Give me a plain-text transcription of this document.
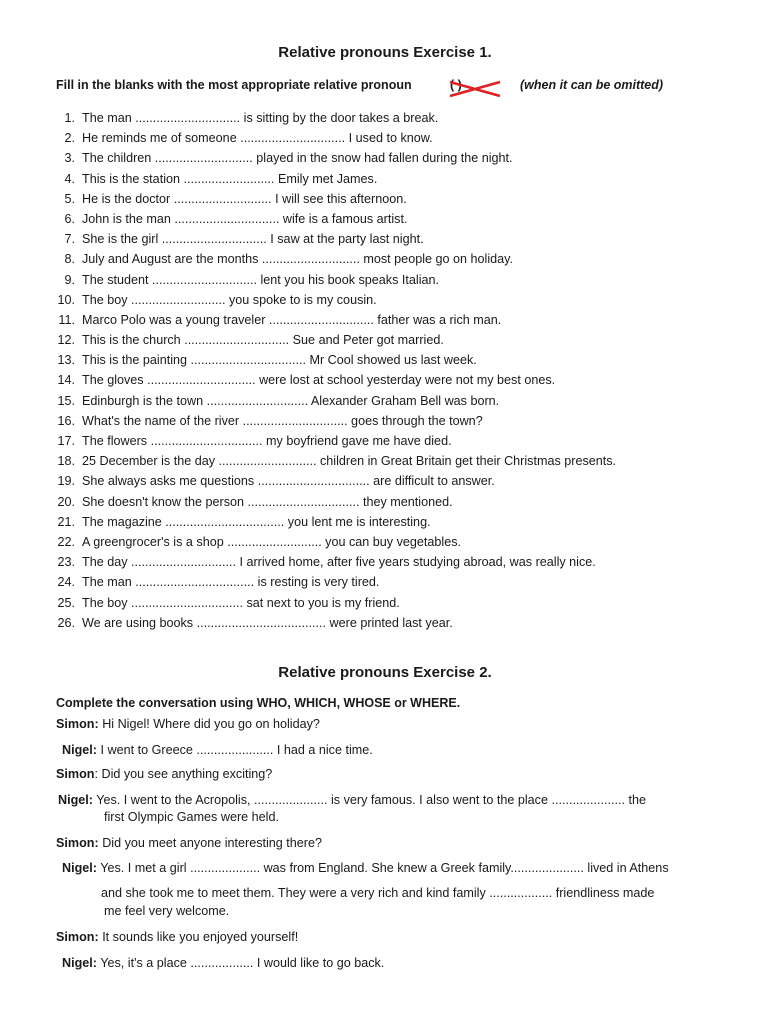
Relative pronouns Exercise 1.
Fill in the blanks with the most appropriate relative pronoun	( )	(when it can be omitted)
1. The man .............................. is sitting by the door takes a break.
2. He reminds me of someone .............................. I used to know.
3. The children ............................ played in the snow had fallen during the night.
4. This is the station .......................... Emily met James.
5. He is the doctor ............................ I will see this afternoon.
6. John is the man .............................. wife is a famous artist.
7. She is the girl .............................. I saw at the party last night.
8. July and August are the months ............................ most people go on holiday.
9. The student .............................. lent you his book speaks Italian.
10. The boy ........................... you spoke to is my cousin.
11. Marco Polo was a young traveler .............................. father was a rich man.
12. This is the church .............................. Sue and Peter got married.
13. This is the painting ................................. Mr Cool showed us last week.
14. The gloves ............................... were lost at school yesterday were not my best ones.
15. Edinburgh is the town ............................. Alexander Graham Bell was born.
16. What's the name of the river .............................. goes through the town?
17. The flowers ................................ my boyfriend gave me have died.
18. 25 December is the day ............................ children in Great Britain get their Christmas presents.
19. She always asks me questions ................................ are difficult to answer.
20. She doesn't know the person ................................ they mentioned.
21. The magazine .................................. you lent me is interesting.
22. A greengrocer's is a shop ........................... you can buy vegetables.
23. The day .............................. I arrived home, after five years studying abroad, was really nice.
24. The man .................................. is resting is very tired.
25. The boy ................................ sat next to you is my friend.
26. We are using books ..................................... were printed last year.
Relative pronouns Exercise 2.
Complete the conversation using WHO, WHICH, WHOSE or WHERE.
Simon: Hi Nigel! Where did you go on holiday?
Nigel: I went to Greece ...................... I had a nice time.
Simon: Did you see anything exciting?
Nigel: Yes. I went to the Acropolis, ..................... is very famous. I also went to the place ..................... the
first Olympic Games were held.
Simon: Did you meet anyone interesting there?
Nigel: Yes. I met a girl .................... was from England. She knew a Greek family..................... lived in Athens
and she took me to meet them. They were a very rich and kind family .................. friendliness made
me feel very welcome.
Simon: It sounds like you enjoyed yourself!
Nigel: Yes, it's a place .................. I would like to go back.
